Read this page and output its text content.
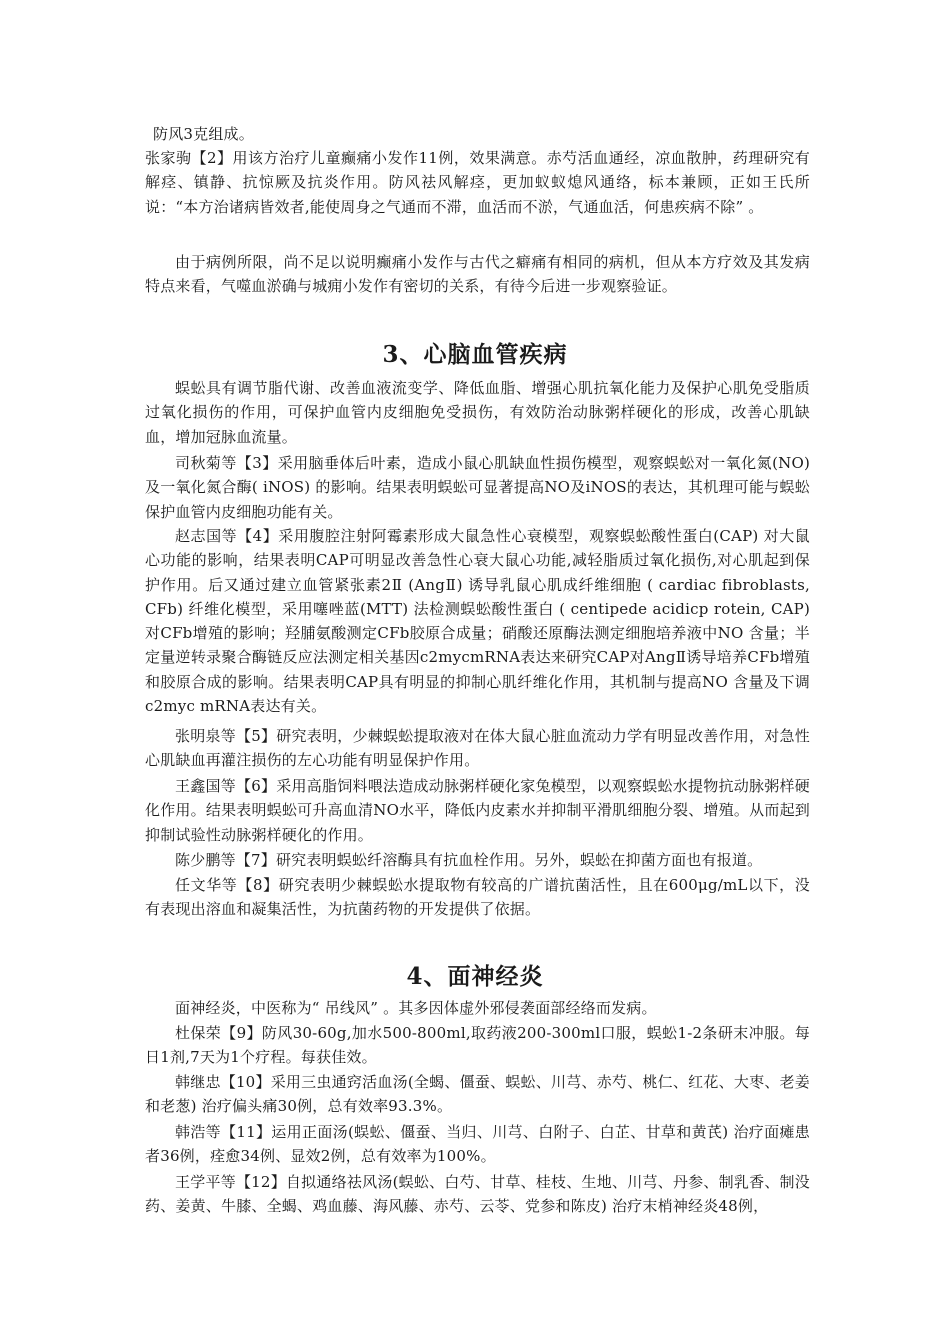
防风3克组成。

张家驹【2】用该方治疗儿童癫痛小发作11例，效果满意。赤芍活血通经，凉血散肿，药理研究有解痉、镇静、抗惊厥及抗炎作用。防风祛风解痉，更加蚁蚁熄风通络，标本兼顾，正如王氏所说：“本方治诸病皆效者,能使周身之气通而不滞，血活而不淤，气通血活，何患疾病不除” 。

由于病例所限，尚不足以说明癫痛小发作与古代之癖痛有相同的病机，但从本方疗效及其发病特点来看，气噬血淤确与城痈小发作有密切的关系，有待今后进一步观察验证。

3、心脑血管疾病

蜈蚣具有调节脂代谢、改善血液流变学、降低血脂、增强心肌抗氧化能力及保护心肌免受脂质过氧化损伤的作用，可保护血管内皮细胞免受损伤，有效防治动脉粥样硬化的形成，改善心肌缺血，增加冠脉血流量。

司秋菊等【3】采用脑垂体后叶素，造成小鼠心肌缺血性损伤模型，观察蜈蚣对一氧化氮(NO) 及一氧化氮合酶( iNOS) 的影响。结果表明蜈蚣可显著提高NO及iNOS的表达，其机理可能与蜈蚣保护血管内皮细胞功能有关。

赵志国等【4】采用腹腔注射阿霉素形成大鼠急性心衰模型，观察蜈蚣酸性蛋白(CAP) 对大鼠心功能的影响，结果表明CAP可明显改善急性心衰大鼠心功能,减轻脂质过氧化损伤,对心肌起到保护作用。后又通过建立血管紧张素2Ⅱ (AngⅡ) 诱导乳鼠心肌成纤维细胞 ( cardiac fibroblasts, CFb) 纤维化模型，采用噻唑蓝(MTT) 法检测蜈蚣酸性蛋白 ( centipede acidicp rotein, CAP) 对CFb增殖的影响；羟脯氨酸测定CFb胶原合成量；硝酸还原酶法测定细胞培养液中NO 含量；半定量逆转录聚合酶链反应法测定相关基因c2mycmRNA表达来研究CAP对AngⅡ诱导培养CFb增殖和胶原合成的影响。结果表明CAP具有明显的抑制心肌纤维化作用，其机制与提高NO 含量及下调c2myc mRNA表达有关。

张明泉等【5】研究表明，少棘蜈蚣提取液对在体大鼠心脏血流动力学有明显改善作用，对急性心肌缺血再灌注损伤的左心功能有明显保护作用。

王鑫国等【6】采用高脂饲料喂法造成动脉粥样硬化家兔模型，以观察蜈蚣水提物抗动脉粥样硬化作用。结果表明蜈蚣可升高血清NO水平，降低内皮素水并抑制平滑肌细胞分裂、增殖。从而起到抑制试验性动脉粥样硬化的作用。

陈少鹏等【7】研究表明蜈蚣纤溶酶具有抗血栓作用。另外，蜈蚣在抑菌方面也有报道。

任文华等【8】研究表明少棘蜈蚣水提取物有较高的广谱抗菌活性，且在600μg/mL以下，没有表现出溶血和凝集活性，为抗菌药物的开发提供了依据。

4、面神经炎

面神经炎，中医称为“ 吊线风” 。其多因体虚外邪侵袭面部经络而发病。

杜保荣【9】防风30-60g,加水500-800ml,取药液200-300ml口服，蜈蚣1-2条研末冲服。每日1剂,7天为1个疗程。每获佳效。

韩继忠【10】采用三虫通窍活血汤(全蝎、僵蚕、蜈蚣、川芎、赤芍、桃仁、红花、大枣、老姜和老葱) 治疗偏头痛30例，总有效率93.3%。

韩浩等【11】运用正面汤(蜈蚣、僵蚕、当归、川芎、白附子、白芷、甘草和黄芪) 治疗面瘫患者36例，痊愈34例、显效2例，总有效率为100%。

王学平等【12】自拟通络祛风汤(蜈蚣、白芍、甘草、桂枝、生地、川芎、丹参、制乳香、制没药、姜黄、牛膝、全蝎、鸡血藤、海风藤、赤芍、云苓、党参和陈皮) 治疗末梢神经炎48例，
